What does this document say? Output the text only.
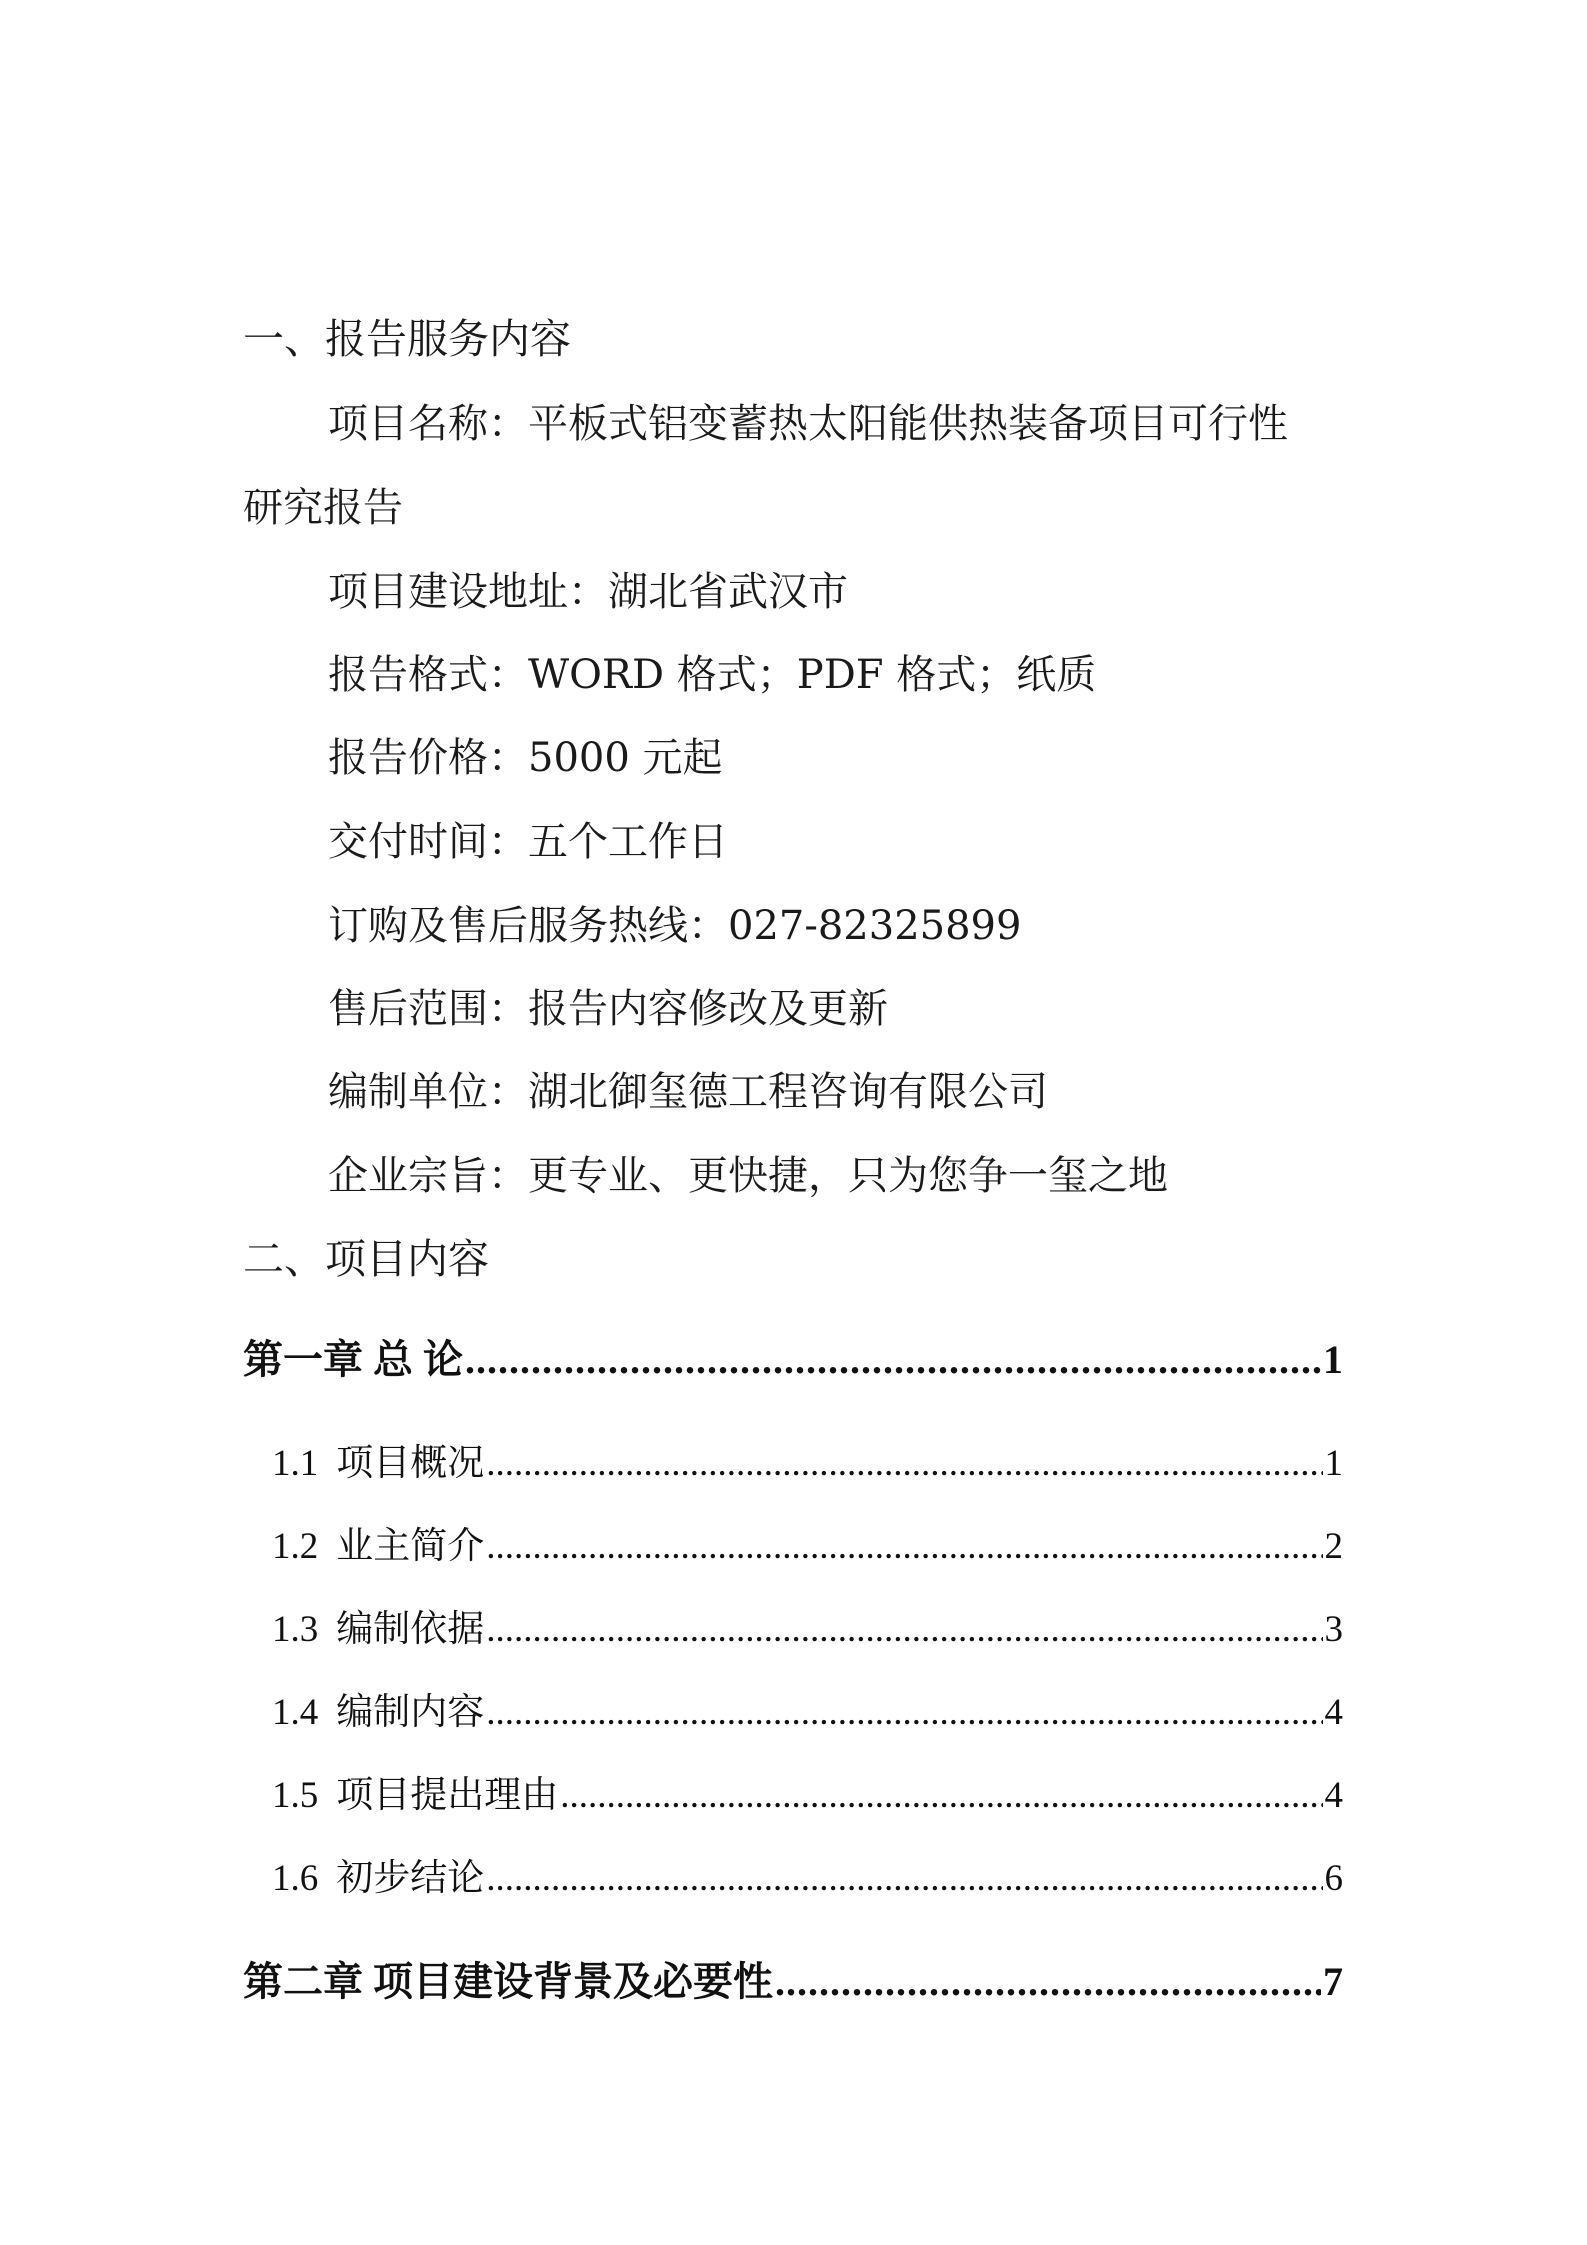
一、报告服务内容
项目名称：平板式铝变蓄热太阳能供热装备项目可行性
研究报告
项目建设地址：湖北省武汉市
报告格式：WORD 格式；PDF 格式；纸质
报告价格：5000 元起
交付时间：五个工作日
订购及售后服务热线：027-82325899
售后范围：报告内容修改及更新
编制单位：湖北御玺德工程咨询有限公司
企业宗旨：更专业、更快捷，只为您争一玺之地
二、项目内容
第一章 总 论 .....	1
1.1 项目概况 .....	1
1.2 业主简介 .....	2
1.3 编制依据 .....	3
1.4 编制内容 .....	4
1.5 项目提出理由 .....	4
1.6 初步结论 .....	6
第二章 项目建设背景及必要性 .....	7
